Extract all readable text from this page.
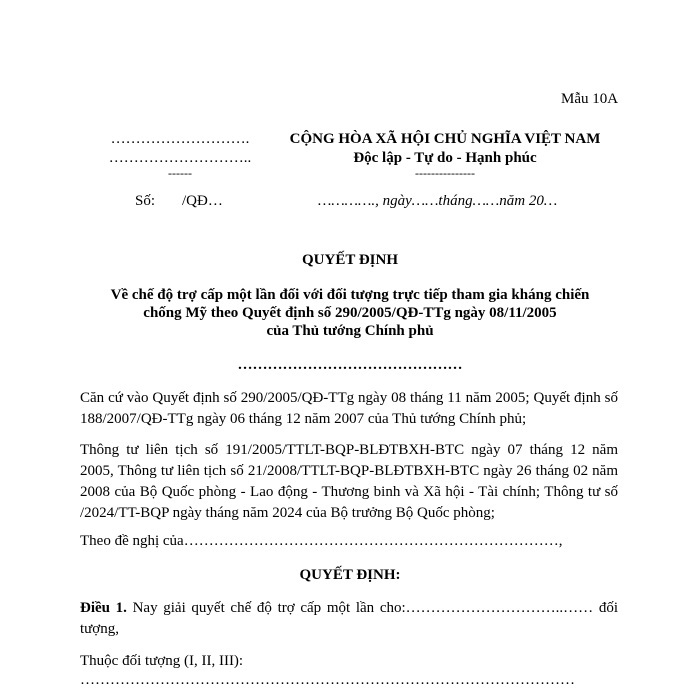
Mẫu 10A
……………………….
………………………..
------
CỘNG HÒA XÃ HỘI CHỦ NGHĨA VIỆT NAM
Độc lập - Tự do - Hạnh phúc
---------------
Số: /QĐ…	…………., ngày……tháng……năm 20…
QUYẾT ĐỊNH
Về chế độ trợ cấp một lần đối với đối tượng trực tiếp tham gia kháng chiến
chống Mỹ theo Quyết định số 290/2005/QĐ-TTg ngày 08/11/2005
của Thủ tướng Chính phủ
………………………………………

Căn cứ vào Quyết định số 290/2005/QĐ-TTg ngày 08 tháng 11 năm 2005; Quyết định số 188/2007/QĐ-TTg ngày 06 tháng 12 năm 2007 của Thủ tướng Chính phủ;

Thông tư liên tịch số 191/2005/TTLT-BQP-BLĐTBXH-BTC ngày 07 tháng 12 năm 2005, Thông tư liên tịch số 21/2008/TTLT-BQP-BLĐTBXH-BTC ngày 26 tháng 02 năm 2008 của Bộ Quốc phòng - Lao động - Thương binh và Xã hội - Tài chính; Thông tư số /2024/TT-BQP ngày tháng năm 2024 của Bộ trưởng Bộ Quốc phòng;

Theo đề nghị của…………………………………………………………………,
QUYẾT ĐỊNH:

Điều 1. Nay giải quyết chế độ trợ cấp một lần cho:…………………………..…… đối tượng,

Thuộc đối tượng (I, II, III):
………………………………………………………………………………………
